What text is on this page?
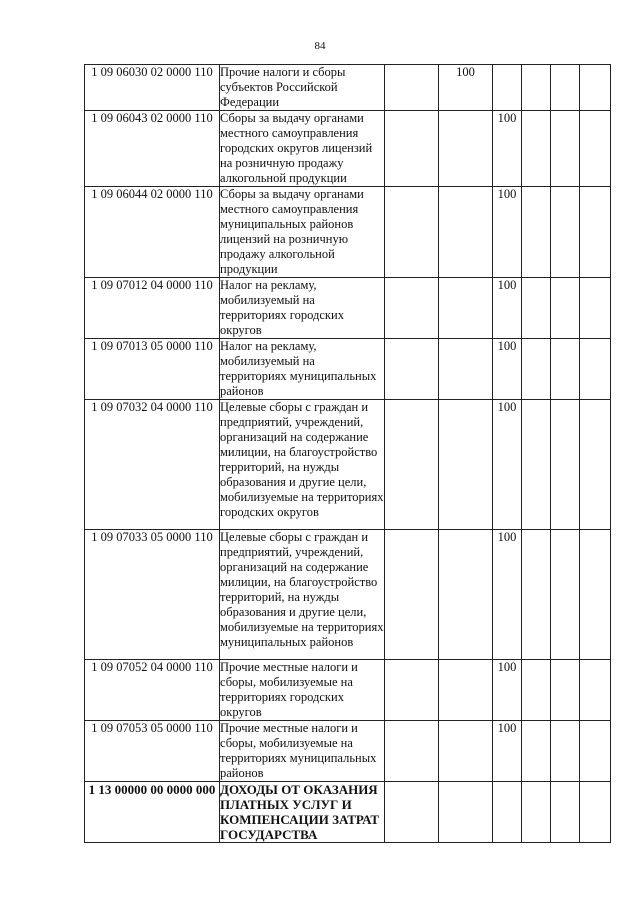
84
1 09 06030 02 0000 110	Прочие налоги и сборы субъектов Российской Федерации		100				
1 09 06043 02 0000 110	Сборы за выдачу органами местного самоуправления городских округов лицензий на розничную продажу алкогольной продукции			100			
1 09 06044 02 0000 110	Сборы за выдачу органами местного самоуправления муниципальных районов лицензий на розничную продажу алкогольной продукции			100			
1 09 07012 04 0000 110	Налог на рекламу, мобилизуемый на территориях городских округов			100			
1 09 07013 05 0000 110	Налог на рекламу, мобилизуемый на территориях муниципальных районов			100			
1 09 07032 04 0000 110	Целевые сборы с граждан и предприятий, учреждений, организаций на содержание милиции, на благоустройство территорий, на нужды образования и другие цели, мобилизуемые на территориях городских округов			100			
1 09 07033 05 0000 110	Целевые сборы с граждан и предприятий, учреждений, организаций на содержание милиции, на благоустройство территорий, на нужды образования и другие цели, мобилизуемые на территориях муниципальных районов			100			
1 09 07052 04 0000 110	Прочие местные налоги и сборы, мобилизуемые на территориях городских округов			100			
1 09 07053 05 0000 110	Прочие местные налоги и сборы, мобилизуемые на территориях муниципальных районов			100			
1 13 00000 00 0000 000	ДОХОДЫ ОТ ОКАЗАНИЯ ПЛАТНЫХ УСЛУГ И КОМПЕНСАЦИИ ЗАТРАТ ГОСУДАРСТВА						
